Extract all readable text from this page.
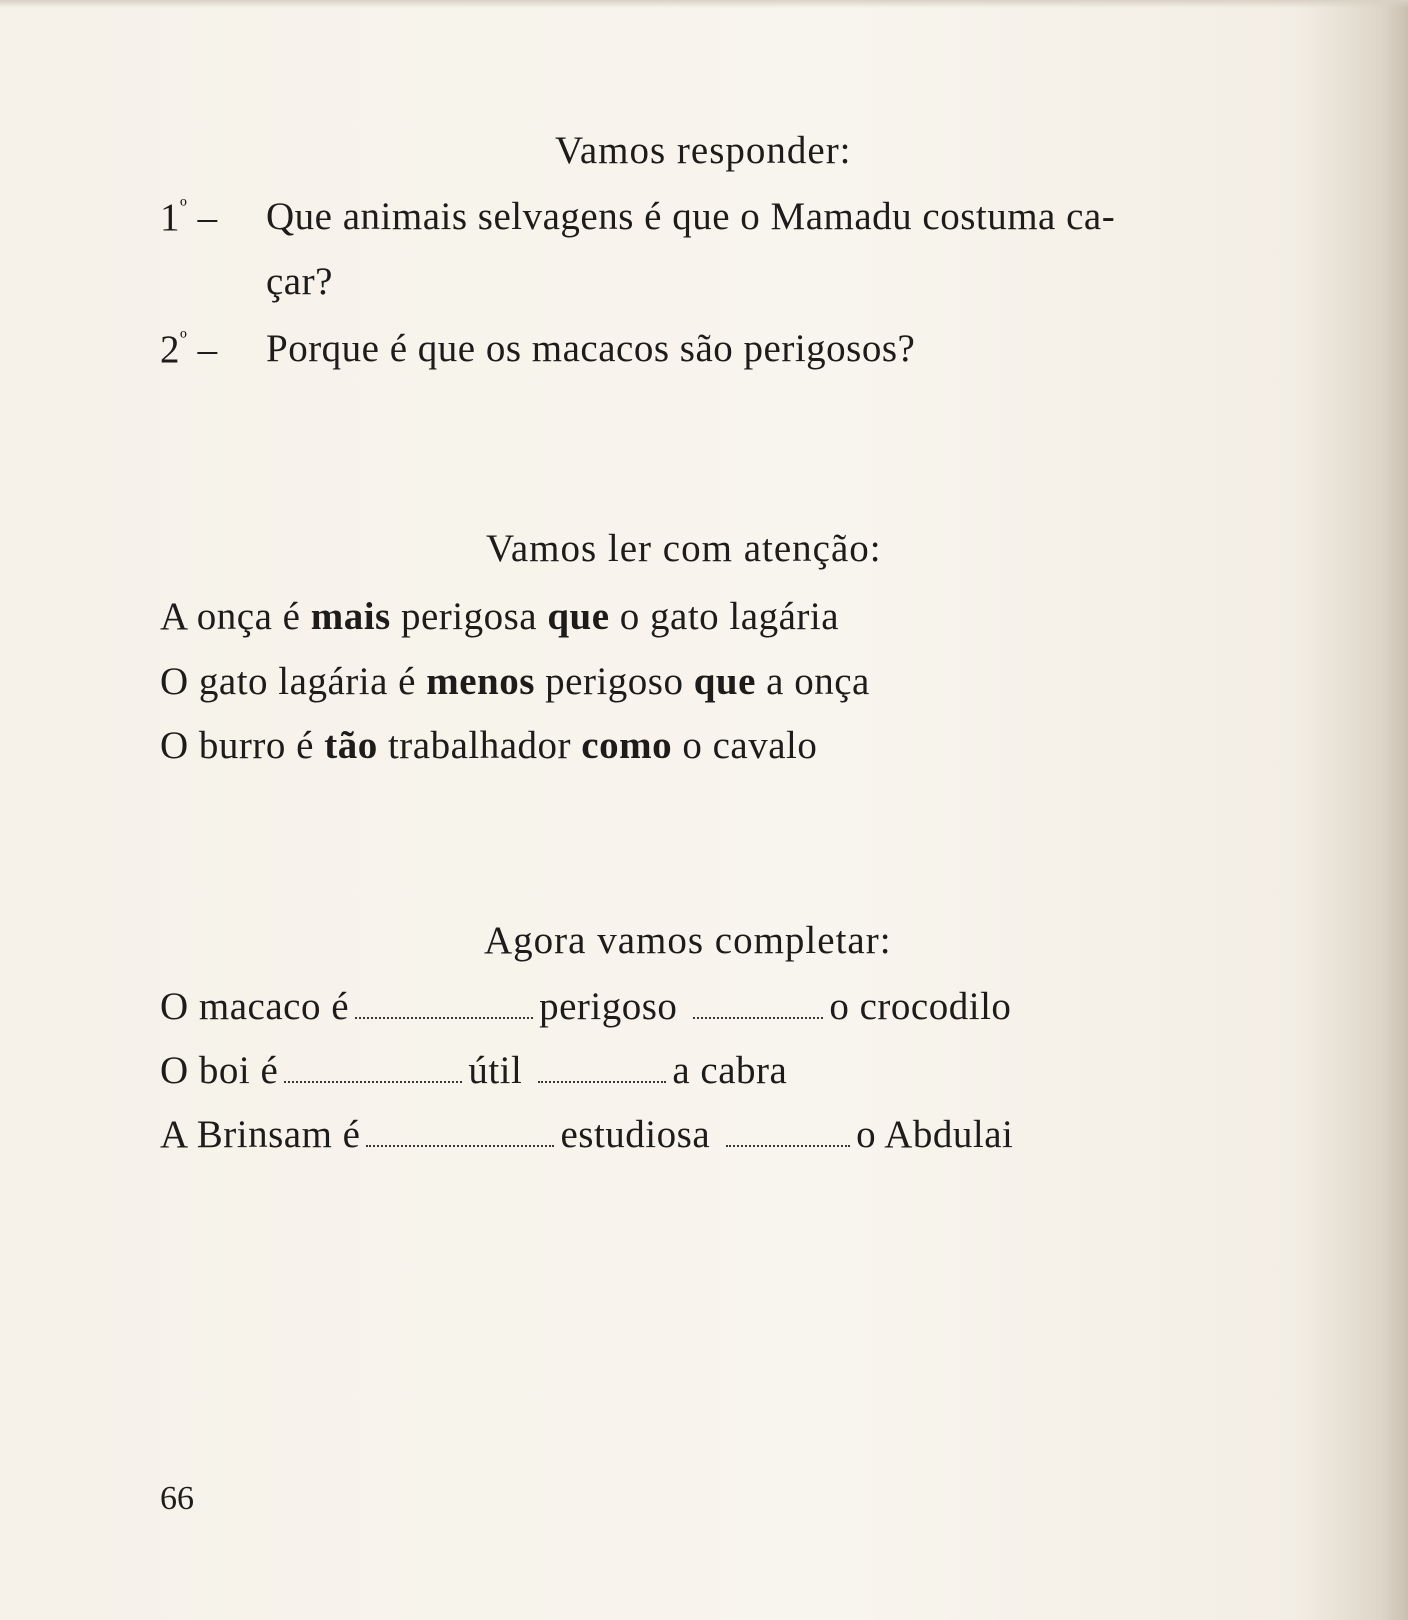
Vamos responder:
$1^º$ – Que animais selvagens é que o Mamadu costuma ca-
çar?
$2^º$ – Porque é que os macacos são perigosos?
Vamos ler com atenção:
A onça é mais perigosa que o gato lagária
O gato lagária é menos perigoso que a onça
O burro é tão trabalhador como o cavalo
Agora vamos completar:
O macaco é	perigoso	o crocodilo
O boi é	útil	a cabra
A Brinsam é	estudiosa	o Abdulai
66
